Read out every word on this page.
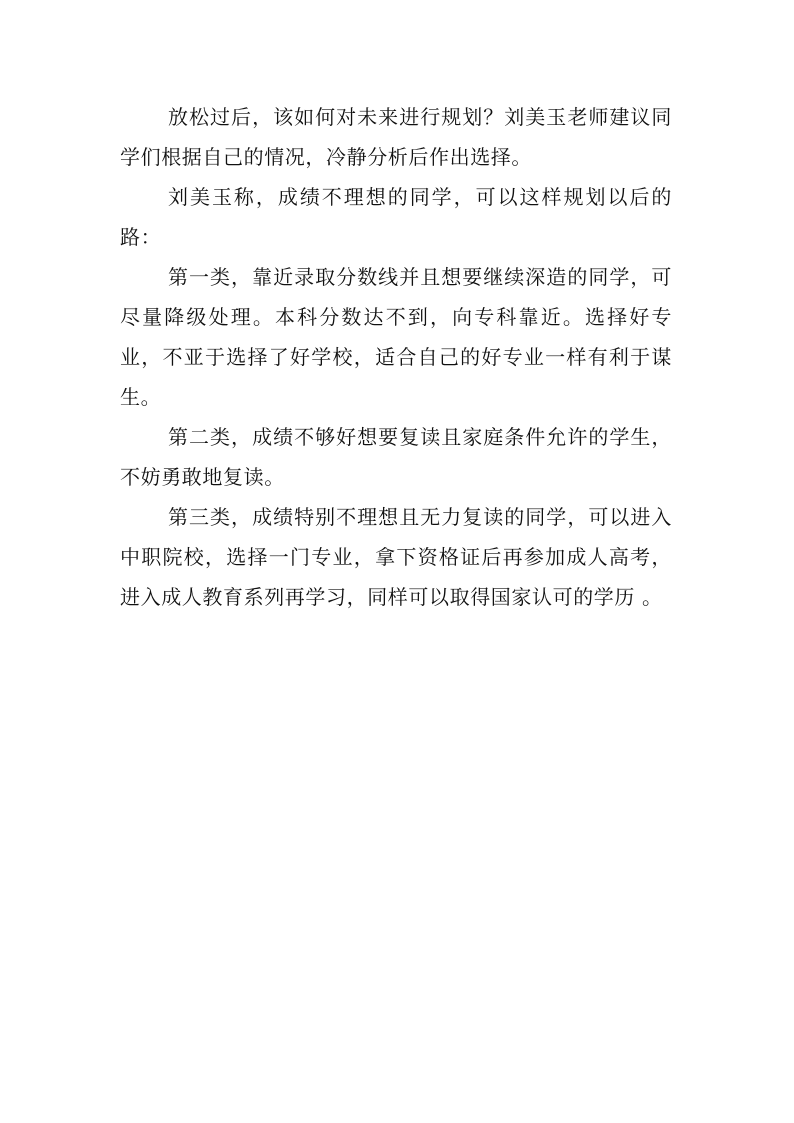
放松过后，该如何对未来进行规划？刘美玉老师建议同学们根据自己的情况，冷静分析后作出选择。

刘美玉称，成绩不理想的同学，可以这样规划以后的路：

第一类，靠近录取分数线并且想要继续深造的同学，可尽量降级处理。本科分数达不到，向专科靠近。选择好专业，不亚于选择了好学校，适合自己的好专业一样有利于谋生。

第二类，成绩不够好想要复读且家庭条件允许的学生，不妨勇敢地复读。

第三类，成绩特别不理想且无力复读的同学，可以进入中职院校，选择一门专业，拿下资格证后再参加成人高考，进入成人教育系列再学习，同样可以取得国家认可的学历 。
